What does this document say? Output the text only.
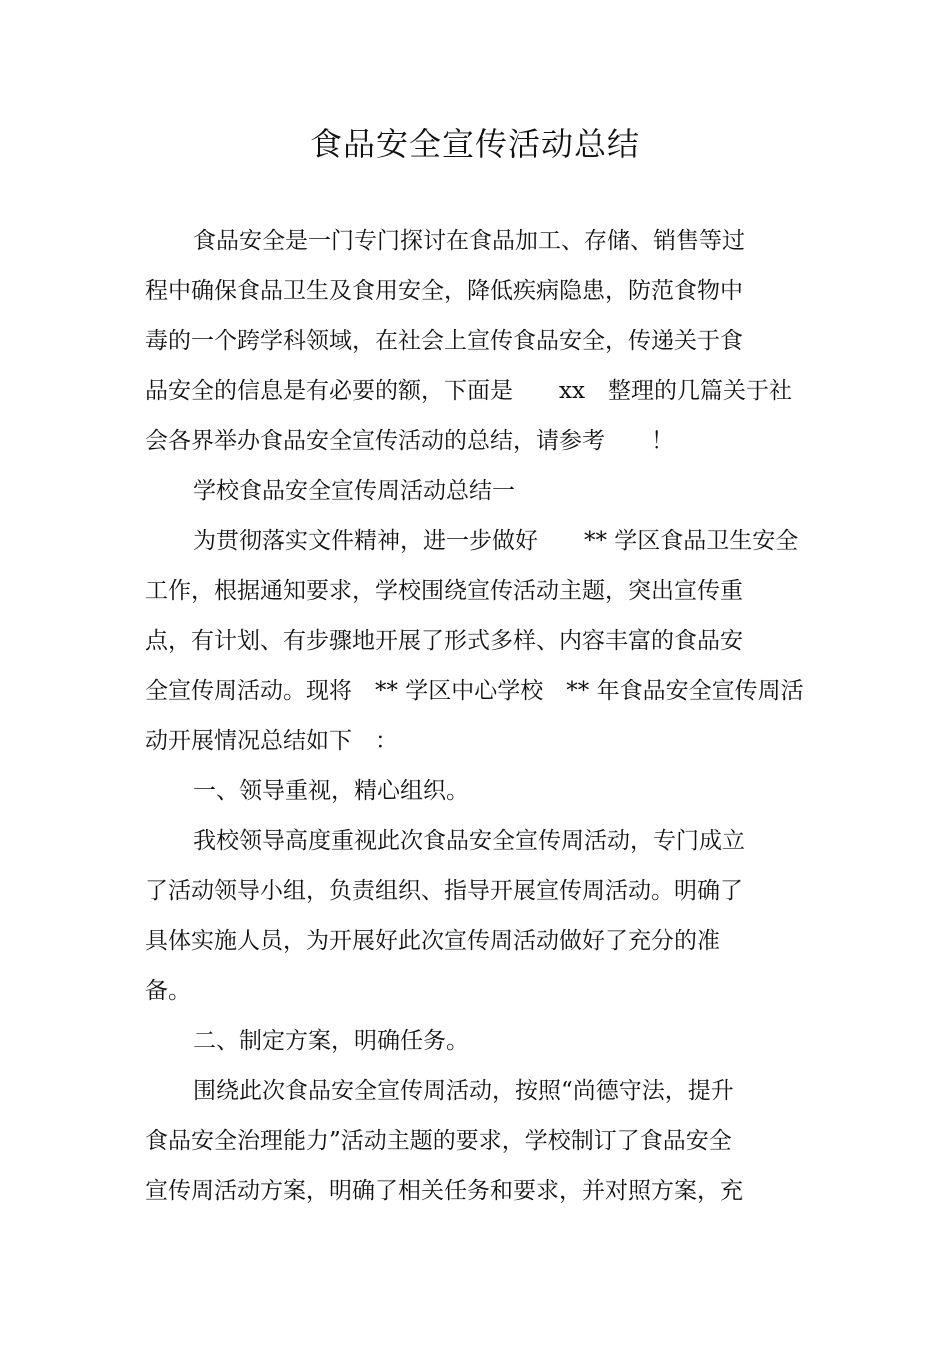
食品安全宣传活动总结
食品安全是一门专门探讨在食品加工、存储、销售等过
程中确保食品卫生及食用安全，降低疾病隐患，防范食物中
毒的一个跨学科领域，在社会上宣传食品安全，传递关于食
品安全的信息是有必要的额，下面是　　xx　整理的几篇关于社
会各界举办食品安全宣传活动的总结，请参考　　！
学校食品安全宣传周活动总结一
为贯彻落实文件精神，进一步做好　　** 学区食品卫生安全
工作，根据通知要求，学校围绕宣传活动主题，突出宣传重
点，有计划、有步骤地开展了形式多样、内容丰富的食品安
全宣传周活动。现将　** 学区中心学校　** 年食品安全宣传周活
动开展情况总结如下　：
一、领导重视，精心组织。
我校领导高度重视此次食品安全宣传周活动，专门成立
了活动领导小组，负责组织、指导开展宣传周活动。明确了
具体实施人员，为开展好此次宣传周活动做好了充分的准
备。
二、制定方案，明确任务。
围绕此次食品安全宣传周活动，按照“尚德守法，提升
食品安全治理能力”活动主题的要求，学校制订了食品安全
宣传周活动方案，明确了相关任务和要求，并对照方案，充
